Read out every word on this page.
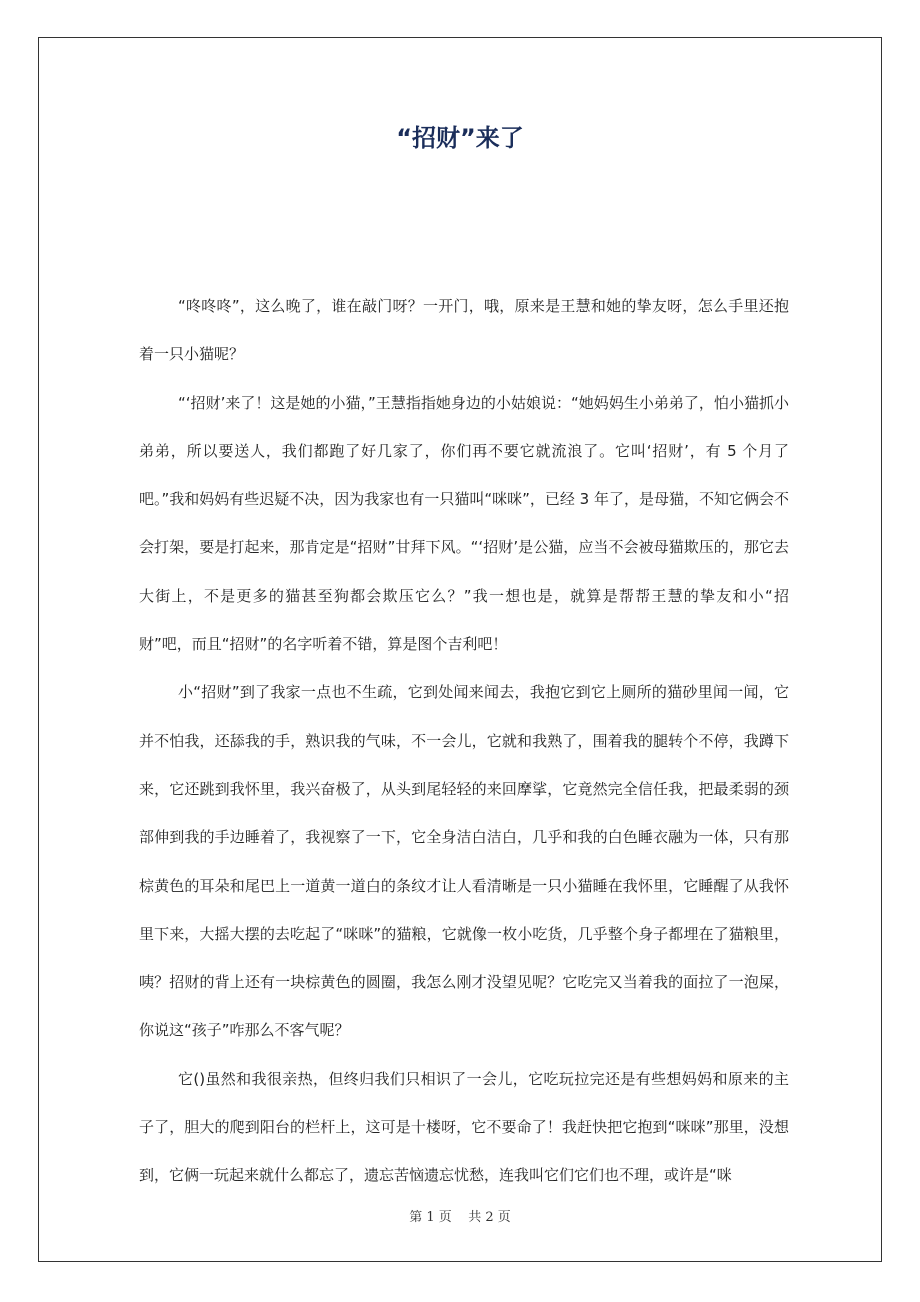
“招财”来了

“咚咚咚”，这么晚了，谁在敲门呀？一开门，哦，原来是王慧和她的挚友呀，怎么手里还抱着一只小猫呢？

“‘招财’来了！这是她的小猫，”王慧指指她身边的小姑娘说：“她妈妈生小弟弟了，怕小猫抓小弟弟，所以要送人，我们都跑了好几家了，你们再不要它就流浪了。它叫‘招财’，有 5 个月了吧。”我和妈妈有些迟疑不决，因为我家也有一只猫叫“咪咪”，已经 3 年了，是母猫，不知它俩会不会打架，要是打起来，那肯定是“招财”甘拜下风。“‘招财’是公猫，应当不会被母猫欺压的，那它去大街上，不是更多的猫甚至狗都会欺压它么？”我一想也是，就算是帮帮王慧的挚友和小“招财”吧，而且“招财”的名字听着不错，算是图个吉利吧！

小“招财”到了我家一点也不生疏，它到处闻来闻去，我抱它到它上厕所的猫砂里闻一闻，它并不怕我，还舔我的手，熟识我的气味，不一会儿，它就和我熟了，围着我的腿转个不停，我蹲下来，它还跳到我怀里，我兴奋极了，从头到尾轻轻的来回摩挲，它竟然完全信任我，把最柔弱的颈部伸到我的手边睡着了，我视察了一下，它全身洁白洁白，几乎和我的白色睡衣融为一体，只有那棕黄色的耳朵和尾巴上一道黄一道白的条纹才让人看清晰是一只小猫睡在我怀里，它睡醒了从我怀里下来，大摇大摆的去吃起了“咪咪”的猫粮，它就像一枚小吃货，几乎整个身子都埋在了猫粮里，咦？招财的背上还有一块棕黄色的圆圈，我怎么刚才没望见呢？它吃完又当着我的面拉了一泡屎，你说这“孩子”咋那么不客气呢？

它()虽然和我很亲热，但终归我们只相识了一会儿，它吃玩拉完还是有些想妈妈和原来的主子了，胆大的爬到阳台的栏杆上，这可是十楼呀，它不要命了！我赶快把它抱到“咪咪”那里，没想到，它俩一玩起来就什么都忘了，遗忘苦恼遗忘忧愁，连我叫它们它们也不理，或许是“咪

第 1 页 共 2 页
